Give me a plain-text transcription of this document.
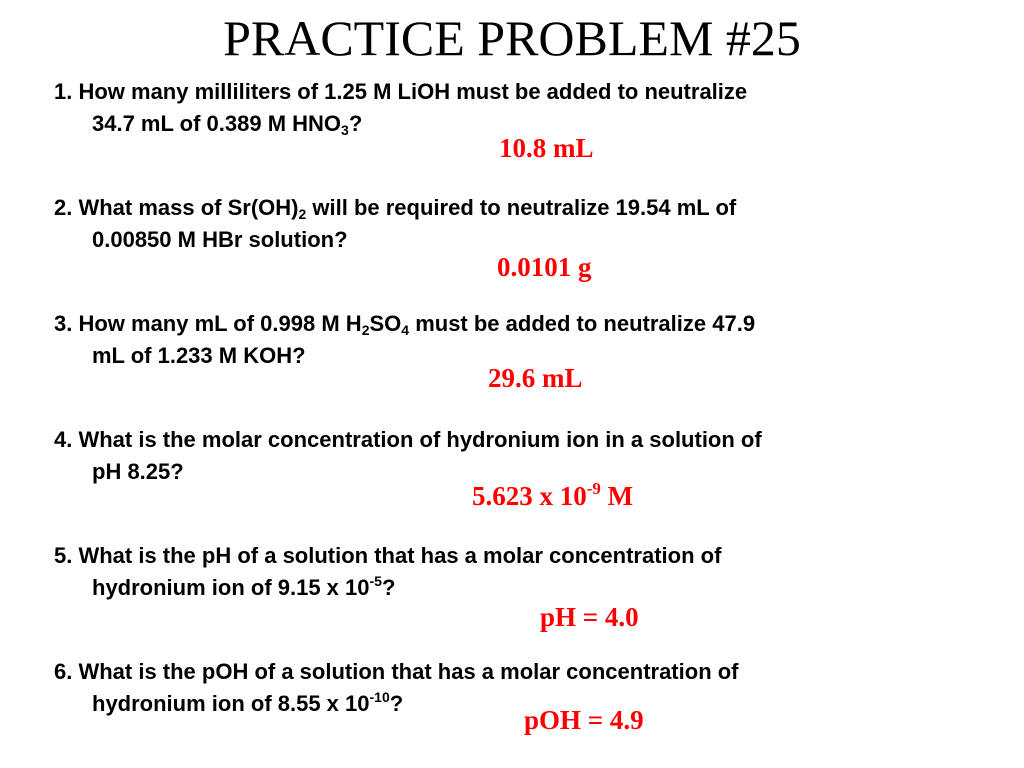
PRACTICE PROBLEM #25
1. How many milliliters of 1.25 M LiOH must be added to neutralize
34.7 mL of 0.389 M $HNO_3$?
10.8 mL
2. What mass of $Sr(OH)_2$ will be required to neutralize 19.54 mL of
0.00850 M HBr solution?
0.0101 g
3. How many mL of 0.998 M $H_2SO_4$ must be added to neutralize 47.9
mL of 1.233 M KOH?
29.6 mL
4. What is the molar concentration of hydronium ion in a solution of
pH 8.25?
5.623 x $10^{-9}$ M
5. What is the pH of a solution that has a molar concentration of
hydronium ion of 9.15 x $10^{-5}$?
pH = 4.0
6. What is the pOH of a solution that has a molar concentration of
hydronium ion of 8.55 x $10^{-10}$?
pOH = 4.9
